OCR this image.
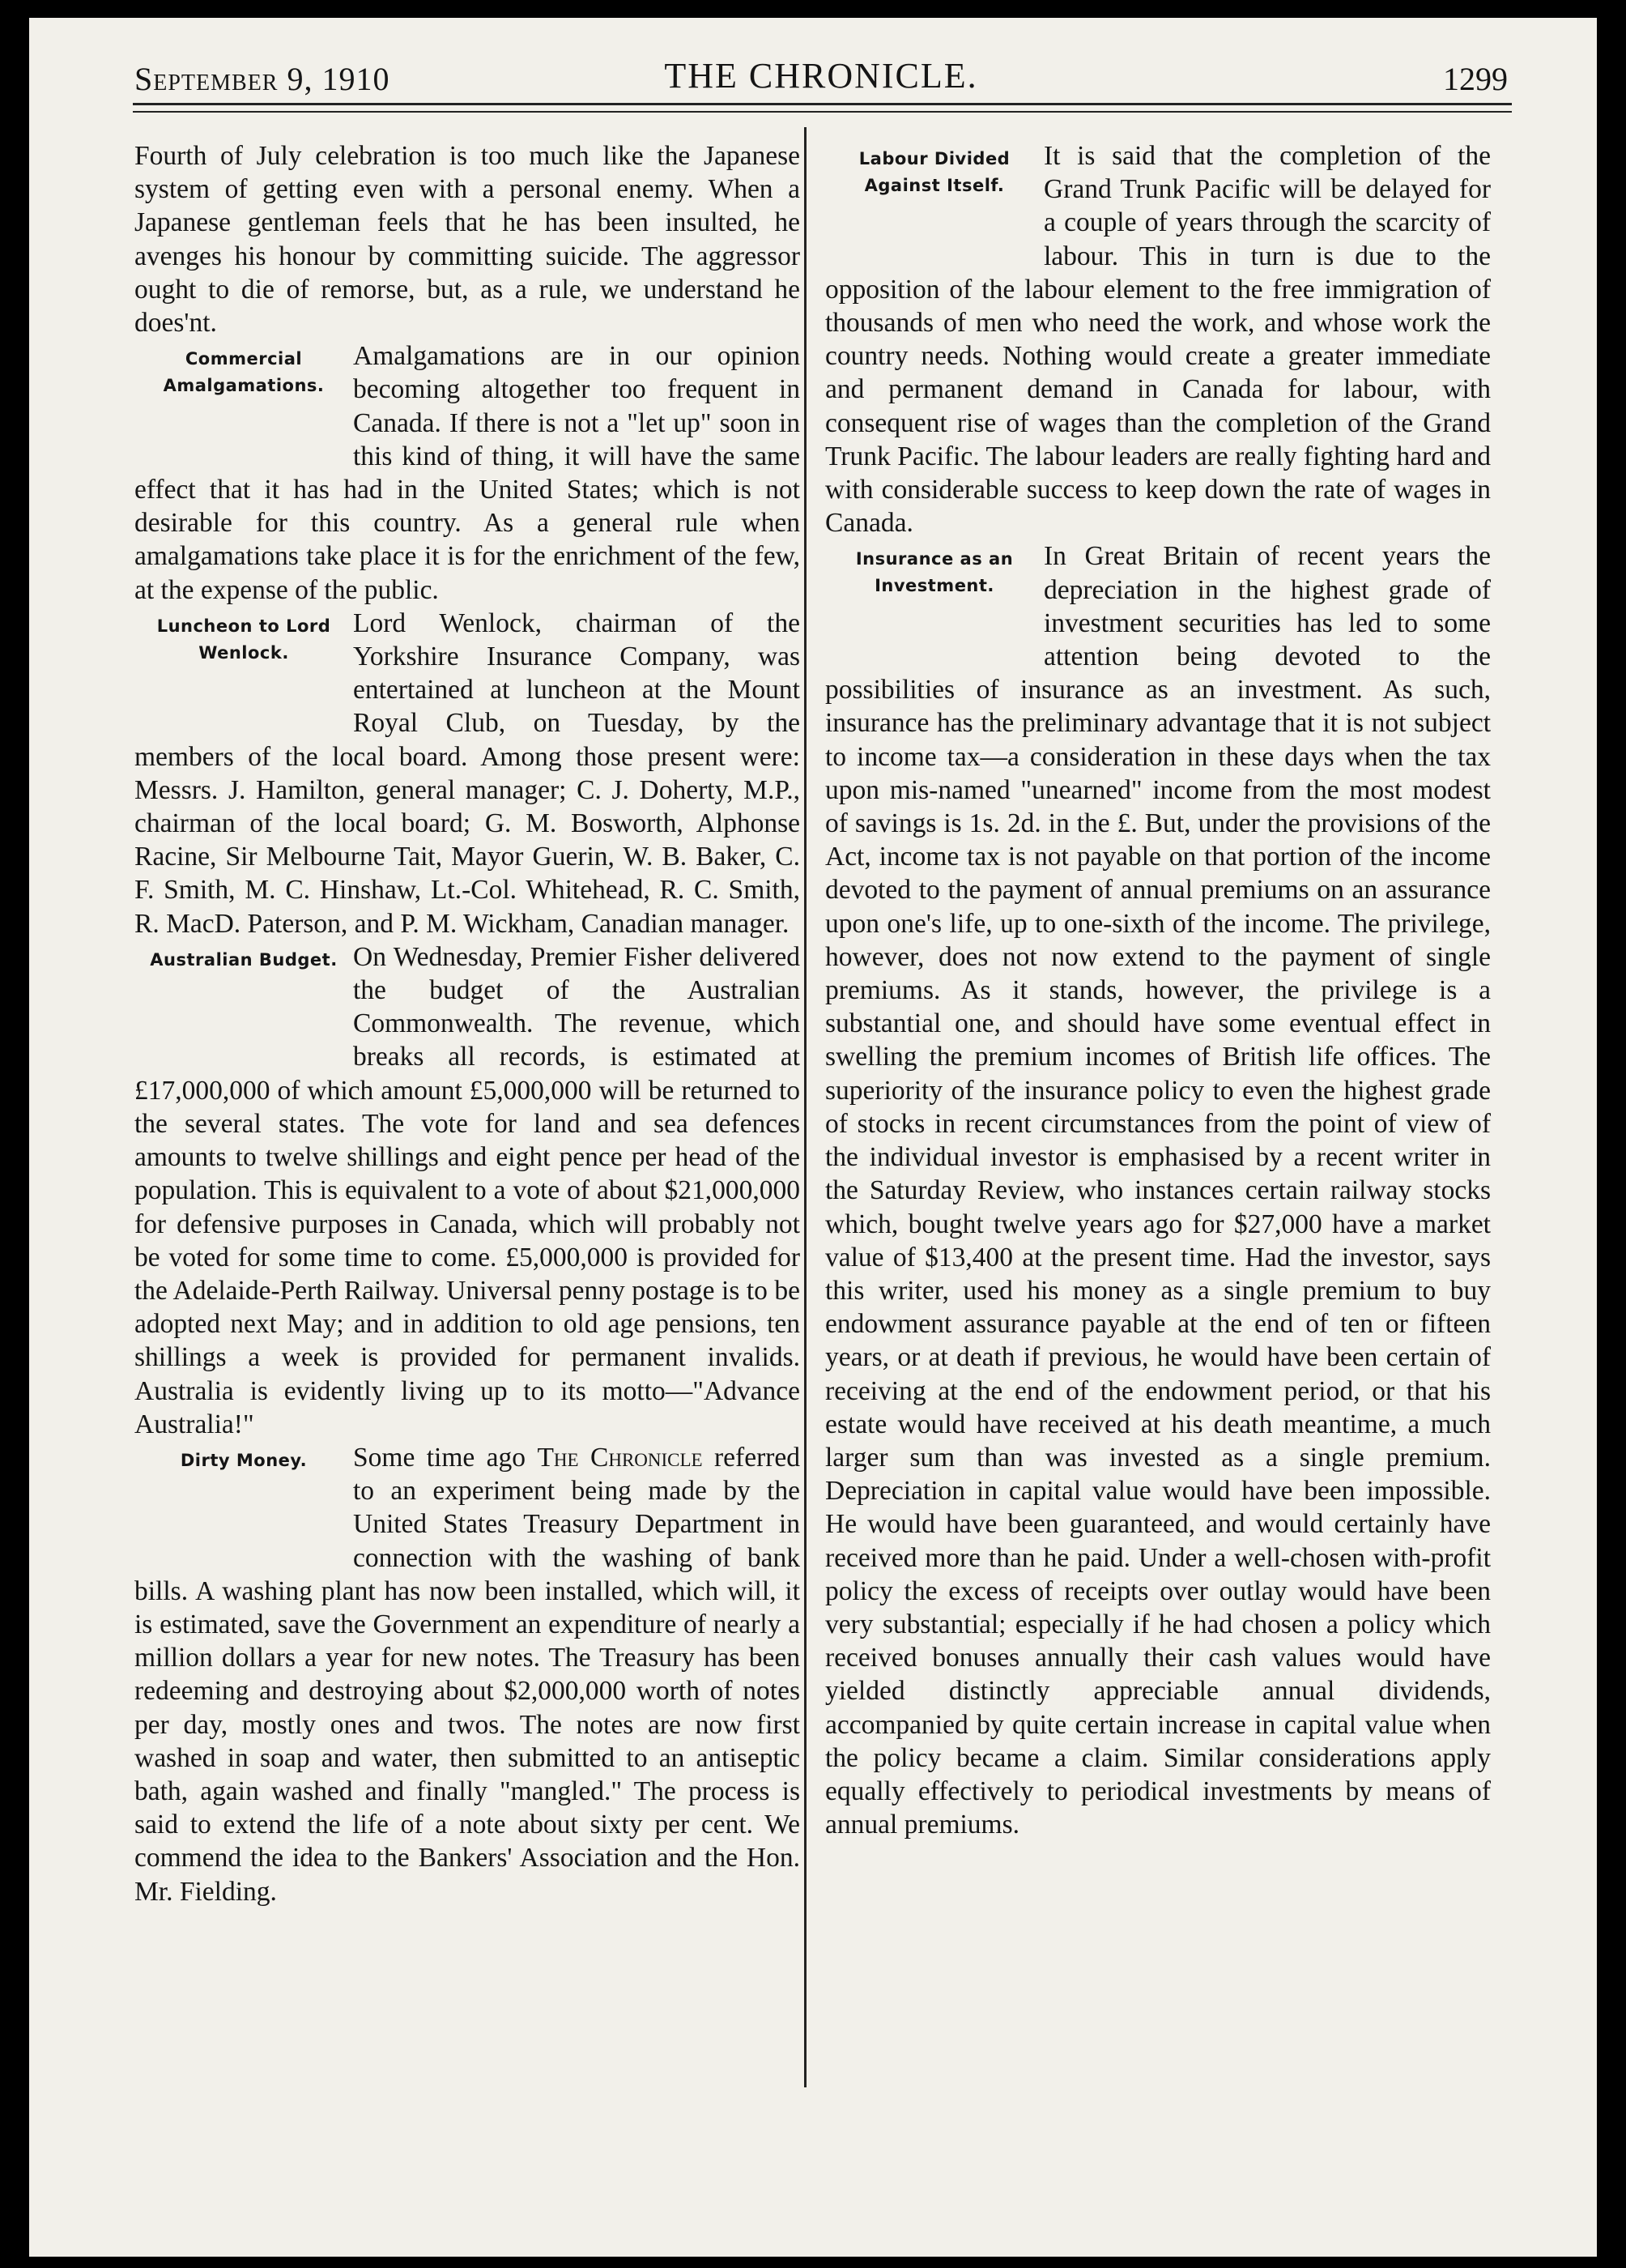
September 9, 1910	THE CHRONICLE.	1299

Fourth of July celebration is too much like the Japanese system of getting even with a personal enemy. When a Japanese gentleman feels that he has been insulted, he avenges his honour by committing suicide. The aggressor ought to die of remorse, but, as a rule, we understand he does'nt.

Commercial
Amalgamations.

Amalgamations are in our opinion becoming altogether too frequent in Canada. If there is not a "let up" soon in this kind of thing, it will have the same effect that it has had in the United States; which is not desirable for this country. As a general rule when amalgamations take place it is for the enrichment of the few, at the expense of the public.

Luncheon to Lord
Wenlock.

Lord Wenlock, chairman of the Yorkshire Insurance Company, was entertained at luncheon at the Mount Royal Club, on Tuesday, by the members of the local board. Among those present were: Messrs. J. Hamilton, general manager; C. J. Doherty, M.P., chairman of the local board; G. M. Bosworth, Alphonse Racine, Sir Melbourne Tait, Mayor Guerin, W. B. Baker, C. F. Smith, M. C. Hinshaw, Lt.-Col. Whitehead, R. C. Smith, R. MacD. Paterson, and P. M. Wickham, Canadian manager.

Australian Budget. On Wednesday, Premier Fisher delivered the budget of the Australian Commonwealth. The revenue, which breaks all records, is estimated at £17,000,000 of which amount £5,000,000 will be returned to the several states. The vote for land and sea defences amounts to twelve shillings and eight pence per head of the population. This is equivalent to a vote of about $21,000,000 for defensive purposes in Canada, which will probably not be voted for some time to come. £5,000,000 is provided for the Adelaide-Perth Railway. Universal penny postage is to be adopted next May; and in addition to old age pensions, ten shillings a week is provided for permanent invalids. Australia is evidently living up to its motto—"Advance Australia!"

Dirty Money.	Some time ago The Chronicle referred to an experiment being made by the United States Treasury Department in connection with the washing of bank bills. A washing plant has now been installed, which will, it is estimated, save the Government an expenditure of nearly a million dollars a year for new notes. The Treasury has been redeeming and destroying about $2,000,000 worth of notes per day, mostly ones and twos. The notes are now first washed in soap and water, then submitted to an antiseptic bath, again washed and finally "mangled." The process is said to extend the life of a note about sixty per cent. We commend the idea to the Bankers' Association and the Hon. Mr. Fielding.

Labour Divided
Against Itself.

It is said that the completion of the Grand Trunk Pacific will be delayed for a couple of years through the scarcity of labour. This in turn is due to the opposition of the labour element to the free immigration of thousands of men who need the work, and whose work the country needs. Nothing would create a greater immediate and permanent demand in Canada for labour, with consequent rise of wages than the completion of the Grand Trunk Pacific. The labour leaders are really fighting hard and with considerable success to keep down the rate of wages in Canada.

Insurance as an
Investment.

In Great Britain of recent years the depreciation in the highest grade of investment securities has led to some attention being devoted to the possibilities of insurance as an investment. As such, insurance has the preliminary advantage that it is not subject to income tax—a consideration in these days when the tax upon mis-named "unearned" income from the most modest of savings is 1s. 2d. in the £. But, under the provisions of the Act, income tax is not payable on that portion of the income devoted to the payment of annual premiums on an assurance upon one's life, up to one-sixth of the income. The privilege, however, does not now extend to the payment of single premiums. As it stands, however, the privilege is a substantial one, and should have some eventual effect in swelling the premium incomes of British life offices. The superiority of the insurance policy to even the highest grade of stocks in recent circumstances from the point of view of the individual investor is emphasised by a recent writer in the Saturday Review, who instances certain railway stocks which, bought twelve years ago for $27,000 have a market value of $13,400 at the present time. Had the investor, says this writer, used his money as a single premium to buy endowment assurance payable at the end of ten or fifteen years, or at death if previous, he would have been certain of receiving at the end of the endowment period, or that his estate would have received at his death meantime, a much larger sum than was invested as a single premium. Depreciation in capital value would have been impossible. He would have been guaranteed, and would certainly have received more than he paid. Under a well-chosen with-profit policy the excess of receipts over outlay would have been very substantial; especially if he had chosen a policy which received bonuses annually their cash values would have yielded distinctly appreciable annual dividends, accompanied by quite certain increase in capital value when the policy became a claim. Similar considerations apply equally effectively to periodical investments by means of annual premiums.
